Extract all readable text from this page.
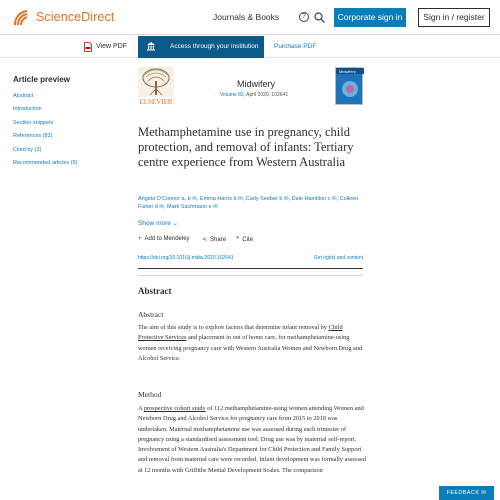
ScienceDirect	Journals & Books	?	Corporate sign in	Sign in / register
View PDF	Access through your institution Purchase PDF
Article preview
Abstract
Introduction
Section snippets
References (83)
Cited by (3)
Recommended articles (6)
ELSEVIER
Midwifery
Volume 83, April 2020, 102641
Midwifery
Methamphetamine use in pregnancy, child protection, and removal of infants: Tertiary centre experience from Western Australia
Angela O'Connor a, b ✉, Emma Harris b ✉, Carly Seeber b ✉, Dale Hamilton c ✉, Colleen Fisher d ✉, Mark Sachmann e ✉
Show more ⌄
+ Add to Mendeley ⋖ Share ❞ Cite
https://doi.org/10.1016/j.midw.2020.102641	Get rights and content
Abstract
Abstract
The aim of this study is to explore factors that determine infant removal by Child Protective Services and placement in out of home care, for methamphetamine-using women receiving pregnancy care with Western Australia Women and Newborn Drug and Alcohol Service.
Method
A prospective cohort study of 112 methamphetamine-using women attending Women and Newborn Drug and Alcohol Service for pregnancy care from 2015 to 2018 was undertaken. Maternal methamphetamine use was assessed during each trimester of pregnancy using a standardised assessment tool. Drug use was by maternal self-report. Involvement of Western Australia's Department for Child Protection and Family Support and removal from maternal care were recorded. Infant development was formally assessed at 12 months with Griffiths Mental Development Scales. The comparison
FEEDBACK ✉
